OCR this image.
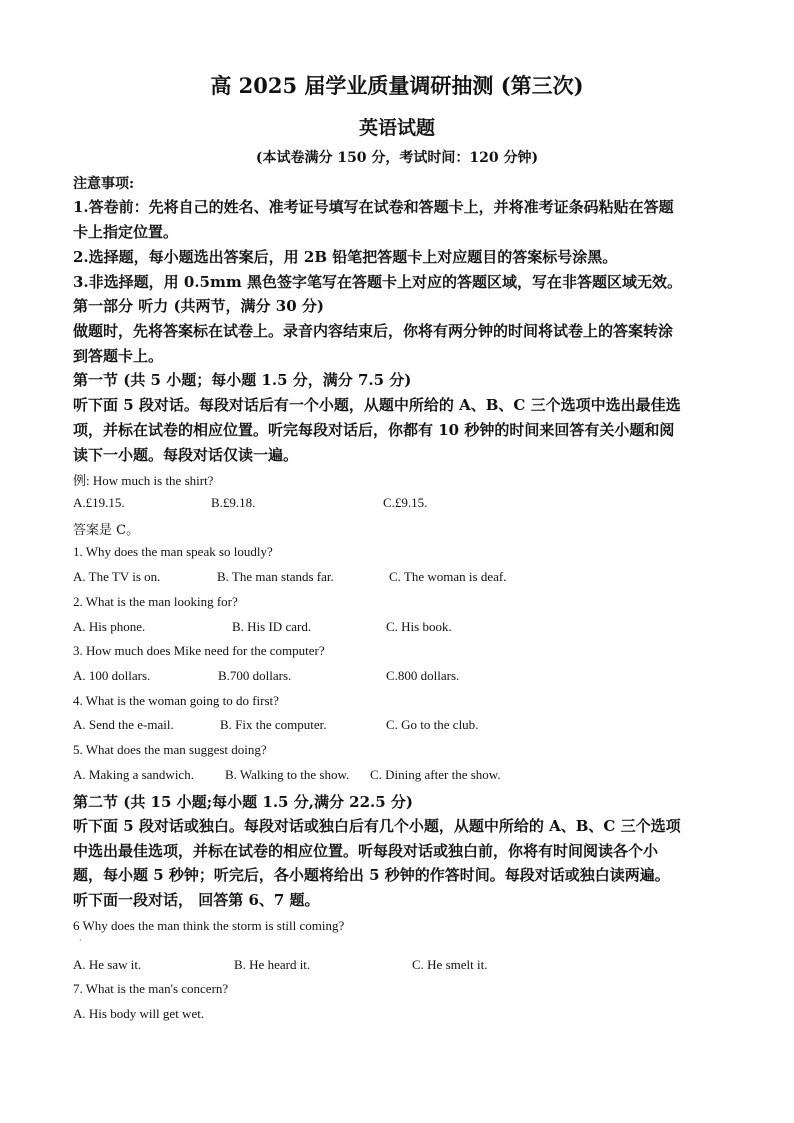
高 2025 届学业质量调研抽测 (第三次)
英语试题
(本试卷满分 150 分，考试时间：120 分钟)
注意事项:
1.答卷前：先将自己的姓名、准考证号填写在试卷和答题卡上，并将准考证条码粘贴在答题
卡上指定位置。
2.选择题，每小题选出答案后，用 2B 铅笔把答题卡上对应题目的答案标号涂黑。
3.非选择题，用 0.5mm 黑色签字笔写在答题卡上对应的答题区域，写在非答题区域无效。
第一部分 听力 (共两节，满分 30 分)
做题时，先将答案标在试卷上。录音内容结束后，你将有两分钟的时间将试卷上的答案转涂
到答题卡上。
第一节 (共 5 小题；每小题 1.5 分，满分 7.5 分)
听下面 5 段对话。每段对话后有一个小题，从题中所给的 A、B、C 三个选项中选出最佳选
项，并标在试卷的相应位置。听完每段对话后，你都有 10 秒钟的时间来回答有关小题和阅
读下一小题。每段对话仅读一遍。
例: How much is the shirt?
A.£19.15.	B.£9.18.	C.£9.15.
答案是 C。
1. Why does the man speak so loudly?
A. The TV is on.	B. The man stands far.	C. The woman is deaf.
2. What is the man looking for?
A. His phone.	B. His ID card.	C. His book.
3. How much does Mike need for the computer?
A. 100 dollars.	B.700 dollars.	C.800 dollars.
4. What is the woman going to do first?
A. Send the e-mail.	B. Fix the computer.	C. Go to the club.
5. What does the man suggest doing?
A. Making a sandwich. B. Walking to the show. C. Dining after the show.
第二节 (共 15 小题;每小题 1.5 分,满分 22.5 分)
听下面 5 段对话或独白。每段对话或独白后有几个小题，从题中所给的 A、B、C 三个选项
中选出最佳选项，并标在试卷的相应位置。听每段对话或独白前，你将有时间阅读各个小
题，每小题 5 秒钟；听完后，各小题将给出 5 秒钟的作答时间。每段对话或独白读两遍。
听下面一段对话， 回答第 6、7 题。
6 Why does the man think the storm is still coming?
·
A. He saw it.	B. He heard it.	C. He smelt it.
7. What is the man's concern?
A. His body will get wet.
